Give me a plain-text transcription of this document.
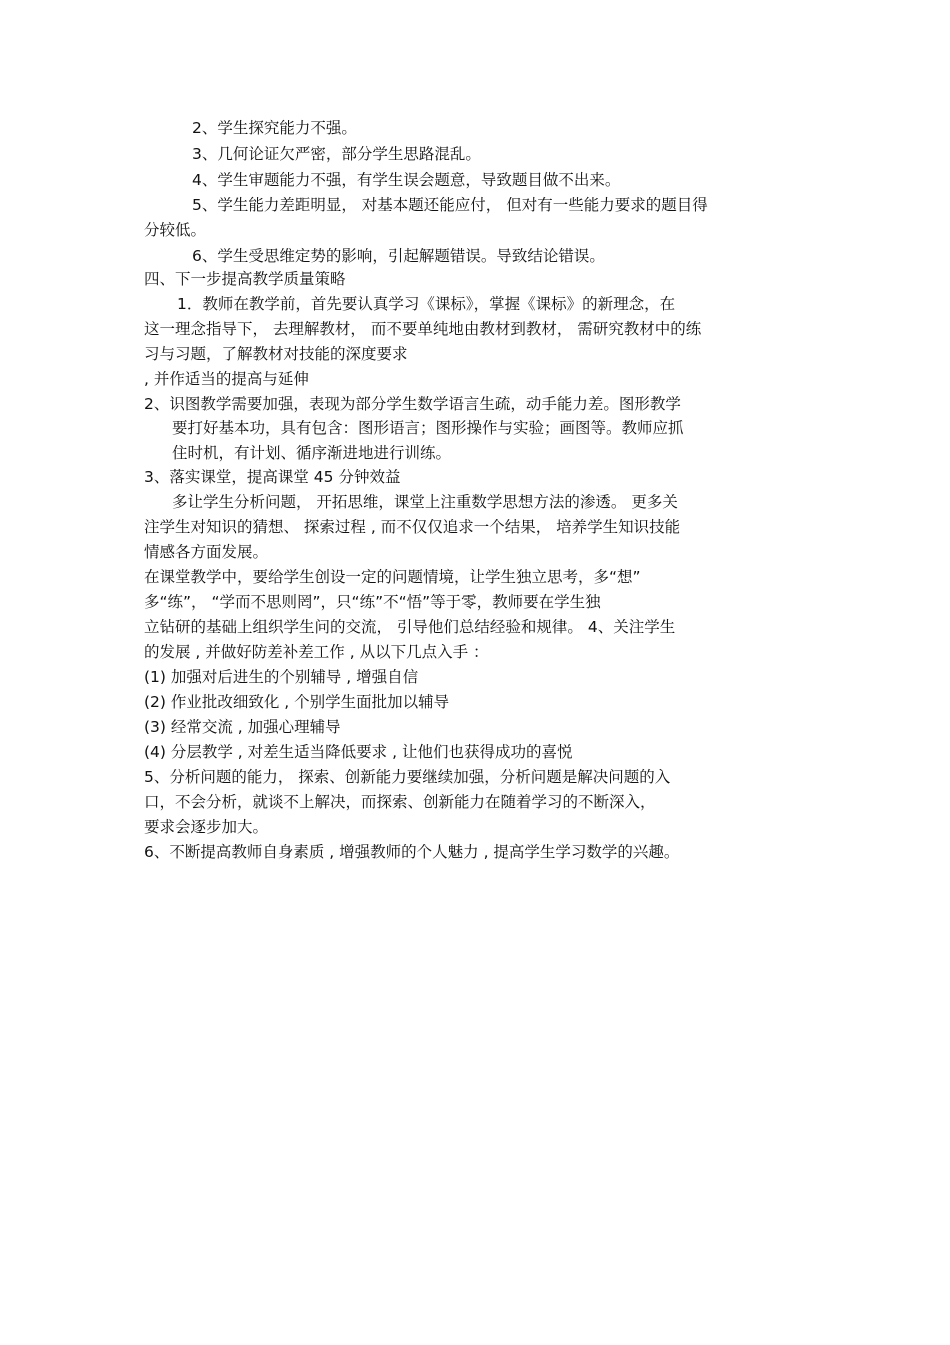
2、学生探究能力不强。
3、几何论证欠严密，部分学生思路混乱。
4、学生审题能力不强，有学生误会题意，导致题目做不出来。
5、学生能力差距明显， 对基本题还能应付， 但对有一些能力要求的题目得
分较低。
6、学生受思维定势的影响，引起解题错误。导致结论错误。
四、下一步提高教学质量策略
1．教师在教学前，首先要认真学习《课标》，掌握《课标》的新理念，在
这一理念指导下， 去理解教材， 而不要单纯地由教材到教材， 需研究教材中的练
习与习题，了解教材对技能的深度要求
, 并作适当的提高与延伸
2、识图教学需要加强，表现为部分学生数学语言生疏，动手能力差。图形教学
要打好基本功，具有包含：图形语言；图形操作与实验；画图等。教师应抓
住时机，有计划、循序渐进地进行训练。
3、落实课堂，提高课堂 45 分钟效益
多让学生分析问题， 开拓思维，课堂上注重数学思想方法的渗透。 更多关
注学生对知识的猜想、 探索过程 , 而不仅仅追求一个结果， 培养学生知识技能
情感各方面发展。
在课堂教学中，要给学生创设一定的问题情境，让学生独立思考，多“想”
多“练”， “学而不思则罔”，只“练”不“悟”等于零，教师要在学生独
立钻研的基础上组织学生问的交流， 引导他们总结经验和规律。 4、关注学生
的发展 , 并做好防差补差工作 , 从以下几点入手 ：
(1) 加强对后进生的个别辅导 , 增强自信
(2) 作业批改细致化 , 个别学生面批加以辅导
(3) 经常交流 , 加强心理辅导
(4) 分层教学 , 对差生适当降低要求 , 让他们也获得成功的喜悦
5、分析问题的能力， 探索、创新能力要继续加强，分析问题是解决问题的入
口，不会分析，就谈不上解决，而探索、创新能力在随着学习的不断深入，
要求会逐步加大。
6、不断提高教师自身素质 , 增强教师的个人魅力 , 提高学生学习数学的兴趣。
